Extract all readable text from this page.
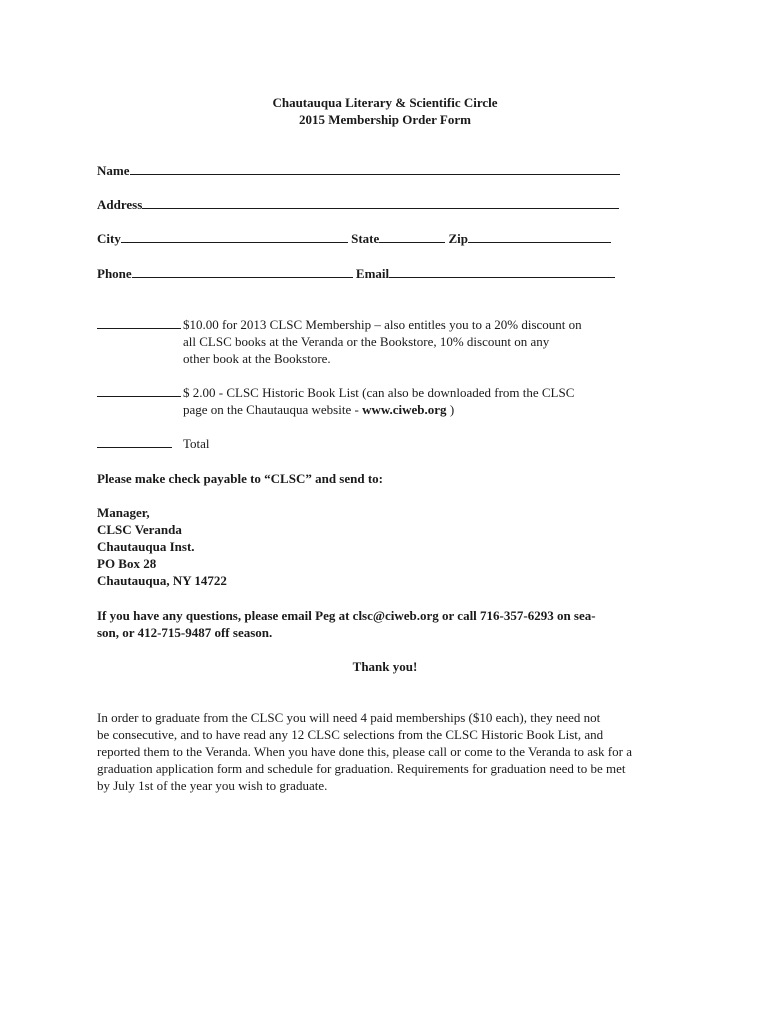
Chautauqua Literary & Scientific Circle
2015 Membership Order Form
Name
Address
City	State	Zip
Phone	Email
$10.00 for 2013 CLSC Membership – also entitles you to a 20% discount on
all CLSC books at the Veranda or the Bookstore, 10% discount on any
other book at the Bookstore.
$ 2.00 - CLSC Historic Book List (can also be downloaded from the CLSC
page on the Chautauqua website - www.ciweb.org )
Total
Please make check payable to “CLSC” and send to:
Manager,
CLSC Veranda
Chautauqua Inst.
PO Box 28
Chautauqua, NY 14722
If you have any questions, please email Peg at clsc@ciweb.org or call 716-357-6293 on sea-
son, or 412-715-9487 off season.
Thank you!
In order to graduate from the CLSC you will need 4 paid memberships ($10 each), they need not
be consecutive, and to have read any 12 CLSC selections from the CLSC Historic Book List, and
reported them to the Veranda. When you have done this, please call or come to the Veranda to ask for a
graduation application form and schedule for graduation. Requirements for graduation need to be met
by July 1st of the year you wish to graduate.
